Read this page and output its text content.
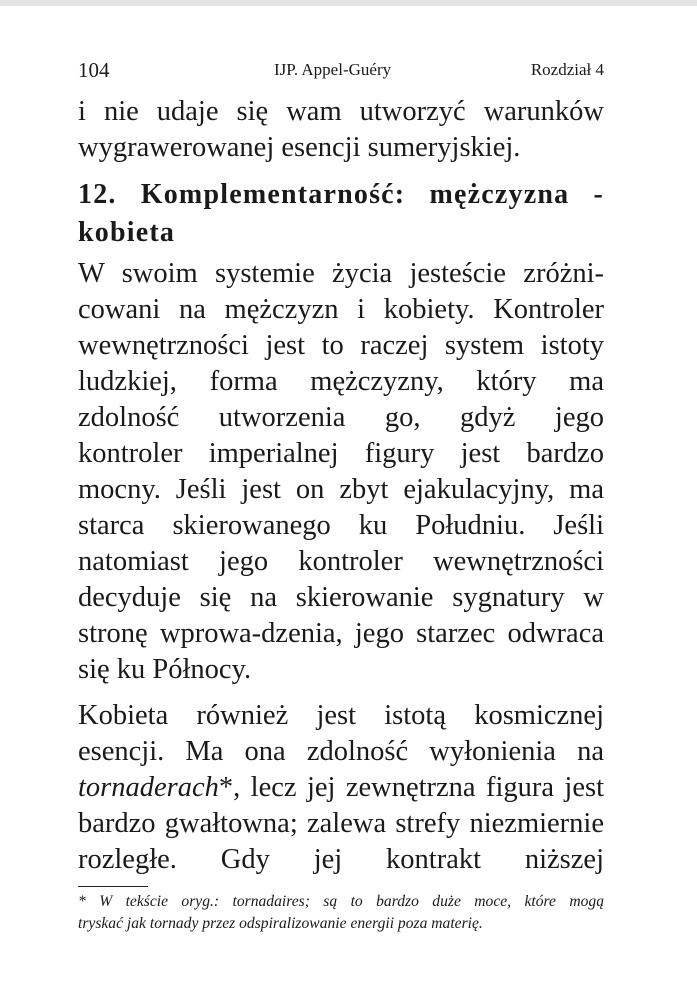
104	IJP. Appel-Guéry	Rozdział 4
i nie udaje się wam utworzyć warunków
wygrawerowanej esencji sumeryjskiej.
12. Komplementarność: mężczyzna -
kobieta
W swoim systemie życia jesteście zróżni-
cowani na mężczyzn i kobiety. Kontroler
wewnętrzności jest to raczej system istoty
ludzkiej, forma mężczyzny, który ma
zdolność utworzenia go, gdyż jego
kontroler imperialnej figury jest bardzo
mocny. Jeśli jest on zbyt ejakulacyjny, ma
starca skierowanego ku Południu. Jeśli
natomiast jego kontroler wewnętrzności
decyduje się na skierowanie sygnatury w
stronę wprowa-dzenia, jego starzec odwraca
się ku Północy.
Kobieta również jest istotą kosmicznej
esencji. Ma ona zdolność wyłonienia na
tornaderach*, lecz jej zewnętrzna figura jest
bardzo gwałtowna; zalewa strefy niezmiernie
rozległe. Gdy jej kontrakt niższej
* W tekście oryg.: tornadaires; są to bardzo duże moce, które mogą
tryskać jak tornady przez odspiralizowanie energii poza materię.
